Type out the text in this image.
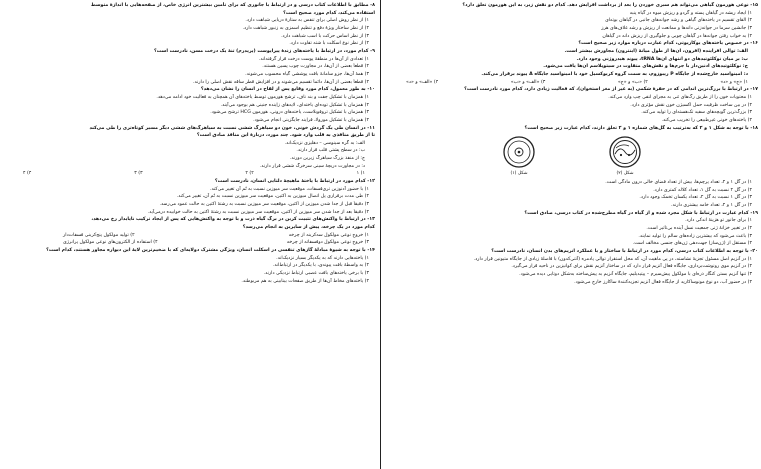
۸- مطابق با اطلاعات کتاب درسی و در ارتباط با جانوری که برای تأمین بیشترین انرژی خاص، از صفحه‌هایی با اندازهٔ متوسط
استفاده می‌کند، کدام مورد صحیح است؟
۱) از نظر روش اصلی برای تنفس به ستارهٔ دریایی شباهت دارد.
۲) از نظر ساختار ویژهٔ دفع و تنظیم اسمزی به زنبور شباهت دارد.
۳) از نظر اساس حرکت با اسب شباهت دارد.
۴) از نظر نوع اسکلت با شته تفاوت دارد.
۹- کدام مورد، در ارتباط با یاخته‌های زندهٔ پیراپوست (پریدرم) تنهٔ یک درخت مسن، نادرست است؟
۱) تعدادی از آن‌ها در منطقهٔ پوست درخت قرار گرفته‌اند.
۲) قطعاً بعضی از آن‌ها، در مجاورت چوب پسین هستند.
۳) همهٔ آن‌ها، جزو سامانهٔ بافت پوششی گیاه محسوب می‌شوند.
۴) قطعاً بعضی از آن‌ها، دائماً تقسیم می‌شوند و در افزایش قطر ساقه نقش اصلی را دارند.
۱۰- به طور معمول، کدام مورد وقایع پس از لقاح در انسان را نشان می‌دهد؟
۱) همزمان با تشکیل جفت و بند ناف، ترشح هورمون توسط یاخته‌های آن همچنان به فعالیت خود ادامه می‌دهد.
۲) همزمان با تشکیل توده‌ای یاخته‌ای، لایه‌های زاینده جنینی هم بوجود می‌آیند.
۳) همزمان با تشکیل تروفوبلاست، یاخته‌های درونی، هورمون HCG ترشح می‌شود.
۴) همزمان با تشکیل مورولا، فرایند جایگزینی انجام می‌شود.
۱۱- در انسان طی یک گردش خونی، خون دو سیاهرگ ششی نسبت به سیاهرگ‌های ششی دیگر مسیر کوتاه‌تری را طی می‌کند
تا از طریق منافذی به قلب وارد شود. چند مورد، دربارهٔ این منافذ صادق است؟
الف: به گره سینوسی – دهلیزی نزدیک‌اند.
ب: در سطح پشتی قلب قرار دارند.
ج: از منفذ بزرگ سیاهرگ زیرین دورند.
د: در مجاورت دریچهٔ سینی سرخرگ ششی قرار دارند.
۱) ۱
۲) ۲
۳) ۳
۴) ۴
۱۲- کدام مورد در ارتباط با یاختهٔ ماهیچهٔ دلتایی انسان، نادرست است؟
۱) با حضور آدنوزین تری‌فسفات، موقعیت سر میوزین نسبت به تُم آن تغییر می‌کند.
۲) طی مدت برقراری پل اتصال میوزین به اکتین، موقعیت سر میوزین نسبت به تُم آن، تغییر می‌کند.
۳) دقیقاً قبل از جدا شدن میوزین از اکتین، موقعیت سر میوزین نسبت به رشتهٔ اکتین به حالت عمود می‌رسد.
۴) دقیقاً بعد از جدا شدن سر میوزین از اکتین، موقعیت سر میوزین نسبت به رشتهٔ اکتین به حالت خوابیده درمی‌آید.
۱۳- در ارتباط با واکنش‌های تثبیت کربن در برگ گیاه ذرت و با توجه به واکنش‌هایی که پس از ایجاد ترکیب ناپایدار رخ می‌دهد،
کدام مورد در یک چرخه، پیش از سایرین به انجام می‌رسد؟
۱) خروج نوعی مولکول سه‌کربنه از چرخه
۲) تولید مولکول پنج‌کربنی فسفات‌دار
۳) خروج نوعی مولکول دوفسفاته از چرخه
۴) استفاده از الکترون‌های نوعی مولکول پرانرژی
۱۴- با توجه به شیوهٔ مبادلهٔ گازهای تنفسی در اسکلت انسان، ویژگی مشترک دولایه‌ای که با ضخیم‌ترین لایهٔ این دیواره مجاور هستند، کدام است؟
۱) یاخته‌هایی دارند که به یکدیگر بسیار نزدیک‌اند.
۲) به واسطهٔ بافت پیوندی، با یکدیگر در ارتباط‌اند.
۳) با برخی یاخته‌های بافت عصبی ارتباط نزدیکی دارند.
۴) یاخته‌های مخاط آن‌ها از طریق صفحات بینابینی به هم مربوطند.
۱۵- نوعی هورمون گیاهی می‌تواند هم سبزی خوردن را بعد از برداشت افزایش دهد. کدام دو نقش زیر، به این هورمون تعلق دارد؟
۱) ایجاد ریشه در گیاهان پسته و گردو و ریزش میوه در گیاه پنبه
۲) القای تقسیم در یاخته‌های گیاهی و رشد جوانه‌های جانبی در گیاهان بوته‌ای
۳) جانشین سرما در جوانه‌زنی دانه‌ها و ممانعت از ریزش و رشد غلاف‌های هرز
۴) به خواب رفتن جوانه‌ها در گیاهان چوبی و جلوگیری از ریزش دانه در گیاهان
۱۶- در خصوص یاخته‌های یوکاریوتی، کدام عبارت درباره موارد زیر صحیح است؟
الف: توالی افزاینده (افزون، آن‌ها از طول میانهٔ (اینترون) مجاورش بیشتر است.
ب: بر میان نوکلئوتیدهای دو انتهای آن‌ها tRNA، پیوند هیدروژنی وجود دارد.
ج: نوکلئوتیدهای آدنین‌دار با جرم‌ها و نقش‌های متفاوت در سیتوپلاسم آن‌ها یافت می‌شود.
د: آمینواسید خارج‌شده از جایگاه P ریبوزوم، به سمت گروه کربوکسیل خود با آمینواسید جایگاه A پیوند برقرار می‌کند.
۱) «ج» و «د»
۲) «ب» و «ج»
۳) «الف» و «ب»
۴) «الف» و «د»
۱۷- در ارتباط با بزرگ‌ترین اندامی که در حفرهٔ شکمی (به غیر از مغز استخوان)، که فعالیت زیادی دارد، کدام مورد نادرست است؟
۱) محتویات خون را از طریق رگ‌های ثنی به مجرای لنفی چپ وارد می‌کند.
۲) در بین ساخت ظرفیت حمل اکسیژن خون نقش مؤثری دارد.
۳) بزرگ‌ترین گویچه‌های سفید تک‌هسته‌ای را تولید می‌کند.
۴) یاخته‌های خونی غیرطبیعی را تخریب می‌کند.
۱۸- با توجه به شکل ۱ و ۲ که به‌ترتیب به گل‌های شماره ۱ و ۲ تعلق دارند، کدام عبارت زیر صحیح است؟
شکل (۲)
شکل (۱)
۱) در گل ۱ و ۲، تعداد پرچم‌ها، بیش از تعداد فضای خالی درون مادگی است.
۲) در گل ۲ نسبت به گل ۱، تعداد کلاله کمتری دارد.
۳) در گل ۱ نسبت به گل ۲، تعداد یکسان تخمک وجود دارد.
۴) در گل ۱ و ۲، تعداد خامه بیشتری دارند.
۱۹- کدام عبارت در ارتباط با شکل مجرد شده و از گیاه در گیاه مطرح‌شده در کتاب درسی، صادق است؟
۱) برای جانور تو هزینهٔ اندکی دارد.
۲) در تغییر خزانهٔ ژنی جمعیت نسل آینده بی‌تأثیر است.
۳) باعث می‌شود که بیشترین زاده‌های سالم را تولید نمایند.
۴) مستقل از (ژن‌ساز) جهت‌دهی ژن‌های جنسی مخالف است.
۲۰- با توجه به اطلاعات کتاب درسی، کدام مورد در ارتباط با ساختار و یا عملکرد آنزیم‌های بدن انسان، نادرست است؟
۱) در آنزیم اصل مسئول تجزیهٔ نشاسته، در پی ماهیت آن، که محل استقرار توالی پادمره (آنتی‌کدون) با فاصلهٔ زیادی از جایگاه متیونین قرار دارد.
۲) در آنزیم موی رونوشت‌برداری، جایگاه فعال آنزیم قرار دارد که در ساختار آنزیم نقش برای کوانیزین در ناحیه قرار می‌گیرد.
۳) تنها آنزیم بستن کنگار ذره‌ای با مولکول پیش‌سیرم – پپتیدیلیم، جایگاه آنزیم به پیش‌ساخته به‌شکل دوتایی دیده می‌شود.
۴) در حضور آب، دو نوع مونوساکارید از جایگاه فعال آنزیم تجزیه‌کنندهٔ ساکارز خارج می‌شود.
